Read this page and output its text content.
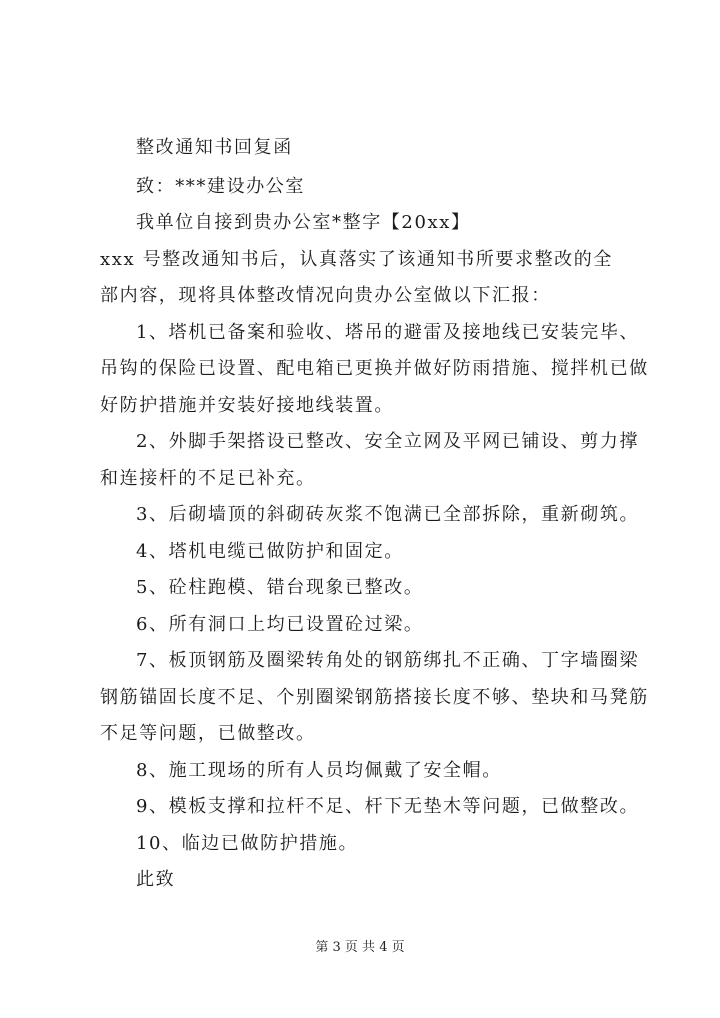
整改通知书回复函
致：***建设办公室
我单位自接到贵办公室*整字【20xx】
xxx 号整改通知书后，认真落实了该通知书所要求整改的全
部内容，现将具体整改情况向贵办公室做以下汇报：
1、塔机已备案和验收、塔吊的避雷及接地线已安装完毕、
吊钩的保险已设置、配电箱已更换并做好防雨措施、搅拌机已做
好防护措施并安装好接地线装置。
2、外脚手架搭设已整改、安全立网及平网已铺设、剪力撑
和连接杆的不足已补充。
3、后砌墙顶的斜砌砖灰浆不饱满已全部拆除，重新砌筑。
4、塔机电缆已做防护和固定。
5、砼柱跑模、错台现象已整改。
6、所有洞口上均已设置砼过梁。
7、板顶钢筋及圈梁转角处的钢筋绑扎不正确、丁字墙圈梁
钢筋锚固长度不足、个别圈梁钢筋搭接长度不够、垫块和马凳筋
不足等问题，已做整改。
8、施工现场的所有人员均佩戴了安全帽。
9、模板支撑和拉杆不足、杆下无垫木等问题，已做整改。
10、临边已做防护措施。
此致
第 3 页 共 4 页
